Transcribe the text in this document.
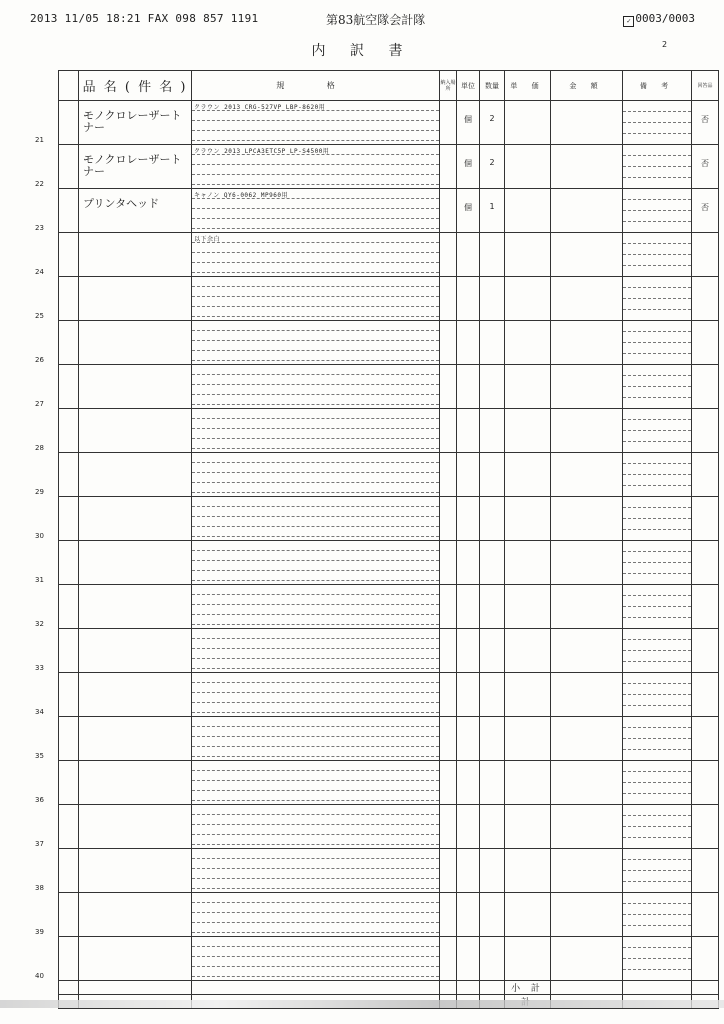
2013 11/05 18:21 FAX 098 857 1191	第83航空隊会計隊	✓ 0003/0003
内 訳 書	2
	品 名 ( 件 名 )	規 格	納入場所	単位	数量	単 価	金 額	備 考	回答品

21	モノクロレーザートナー	クラウン 2013 CRG-527VP LBP-8620用		個	2				否

22	モノクロレーザートナー	クラウン 2013 LPCA3ETC5P LP-S4500用		個	2				否

23	プリンタヘッド	キャノン QY6-0062 MP960用		個	1				否

24		以下余白							

25									

26									

27									

28									

29									

30									

31									

32									

33									

34									

35									

36									

37									

38									

39									

40									

						小 計			
